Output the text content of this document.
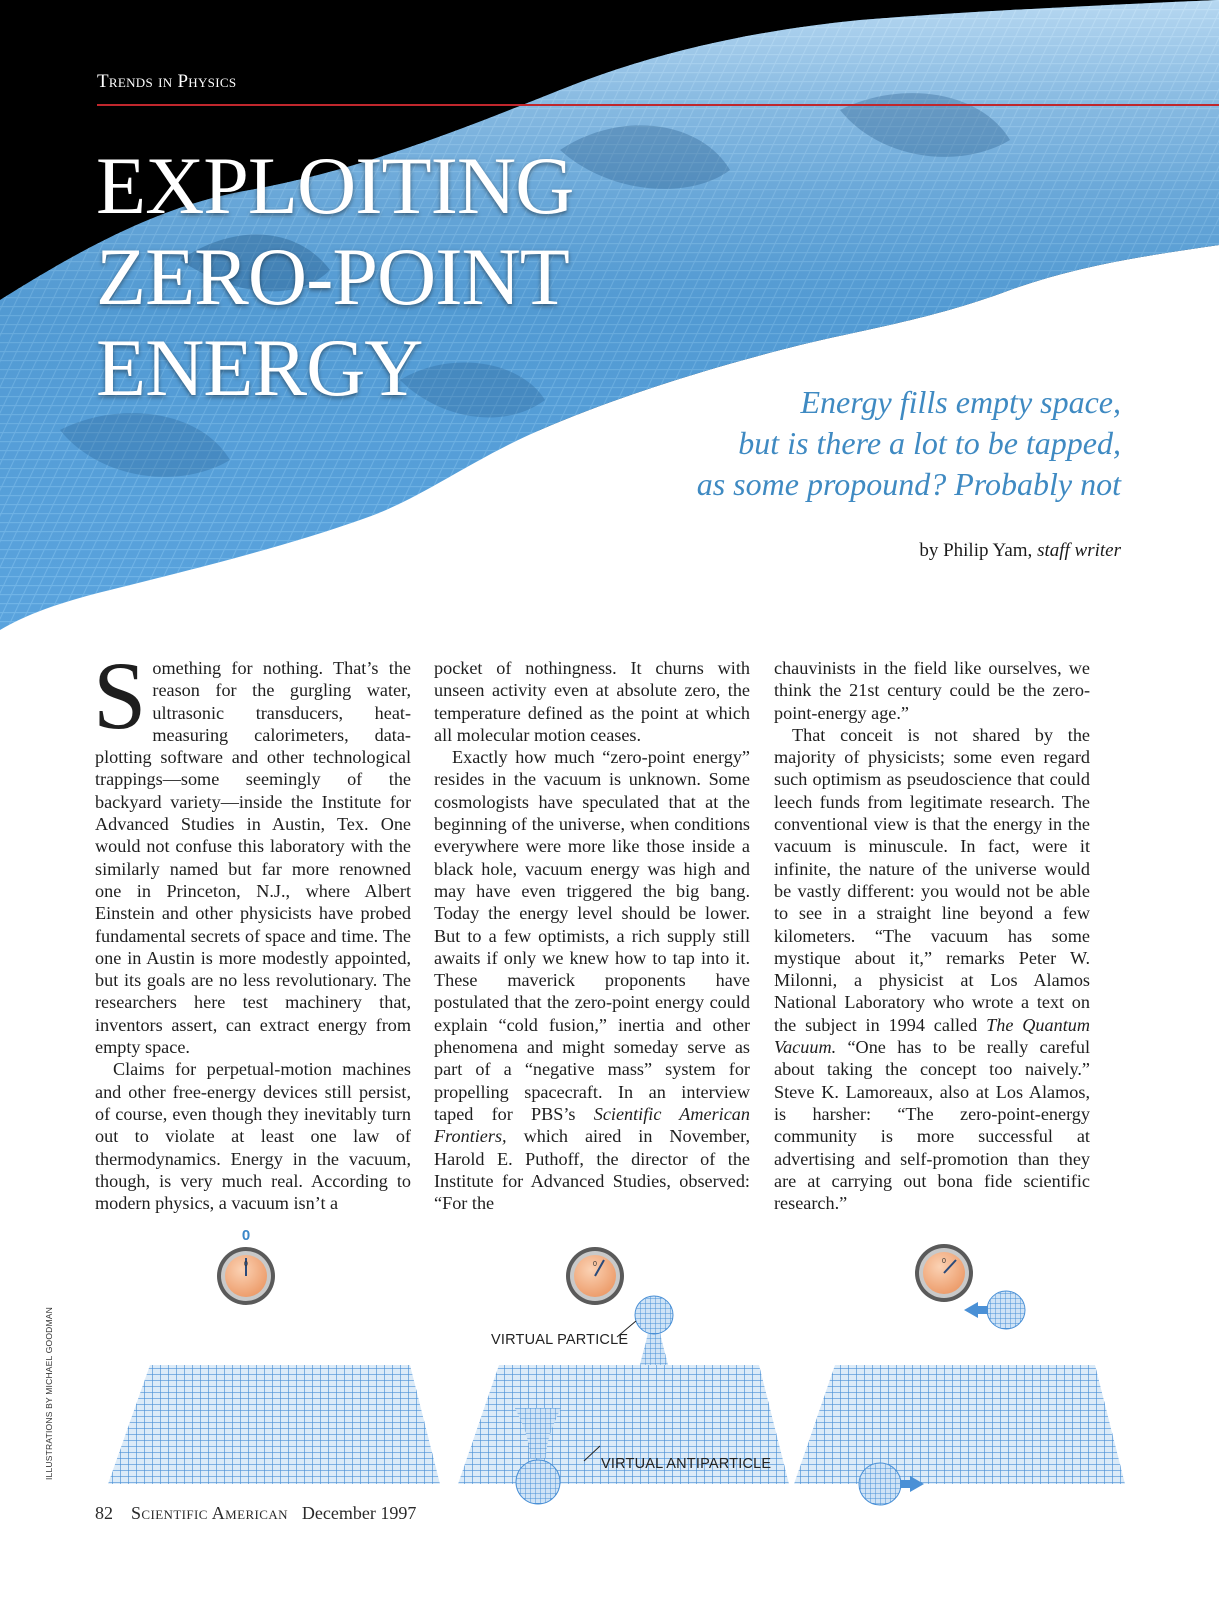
Trends in Physics
EXPLOITING
ZERO-POINT
ENERGY	Energy fills empty space,
but is there a lot to be tapped,
as some propound? Probably not
by Philip Yam, staff writer

Something for nothing. That’s the reason for the gurgling water, ultrasonic transducers, heat-measuring calorimeters, data-plotting software and other technological trappings—some seemingly of the backyard variety—inside the Institute for Advanced Studies in Austin, Tex. One would not confuse this laboratory with the similarly named but far more renowned one in Princeton, N.J., where Albert Einstein and other physicists have probed fundamental secrets of space and time. The one in Austin is more modestly appointed, but its goals are no less revolutionary. The researchers here test machinery that, inventors assert, can extract energy from empty space.

Claims for perpetual-motion machines and other free-energy devices still persist, of course, even though they inevitably turn out to violate at least one law of thermodynamics. Energy in the vacuum, though, is very much real. According to modern physics, a vacuum isn’t a

pocket of nothingness. It churns with unseen activity even at absolute zero, the temperature defined as the point at which all molecular motion ceases.

Exactly how much “zero-point energy” resides in the vacuum is unknown. Some cosmologists have speculated that at the beginning of the universe, when conditions everywhere were more like those inside a black hole, vacuum energy was high and may have even triggered the big bang. Today the energy level should be lower. But to a few optimists, a rich supply still awaits if only we knew how to tap into it. These maverick proponents have postulated that the zero-point energy could explain “cold fusion,” inertia and other phenomena and might someday serve as part of a “negative mass” system for propelling spacecraft. In an interview taped for PBS’s Scientific American Frontiers, which aired in November, Harold E. Puthoff, the director of the Institute for Advanced Studies, observed: “For the

chauvinists in the field like ourselves, we think the 21st century could be the zero-point-energy age.”

That conceit is not shared by the majority of physicists; some even regard such optimism as pseudoscience that could leech funds from legitimate research. The conventional view is that the energy in the vacuum is minuscule. In fact, were it infinite, the nature of the universe would be vastly different: you would not be able to see in a straight line beyond a few kilometers. “The vacuum has some mystique about it,” remarks Peter W. Milonni, a physicist at Los Alamos National Laboratory who wrote a text on the subject in 1994 called The Quantum Vacuum. “One has to be really careful about taking the concept too naively.” Steve K. Lamoreaux, also at Los Alamos, is harsher: “The zero-point-energy community is more successful at advertising and self-promotion than they are at carrying out bona fide scientific research.”

0
0
0	0
VIRTUAL PARTICLE
VIRTUAL ANTIPARTICLE
ILLUSTRATIONS BY MICHAEL GOODMAN
82 Scientific American December 1997
